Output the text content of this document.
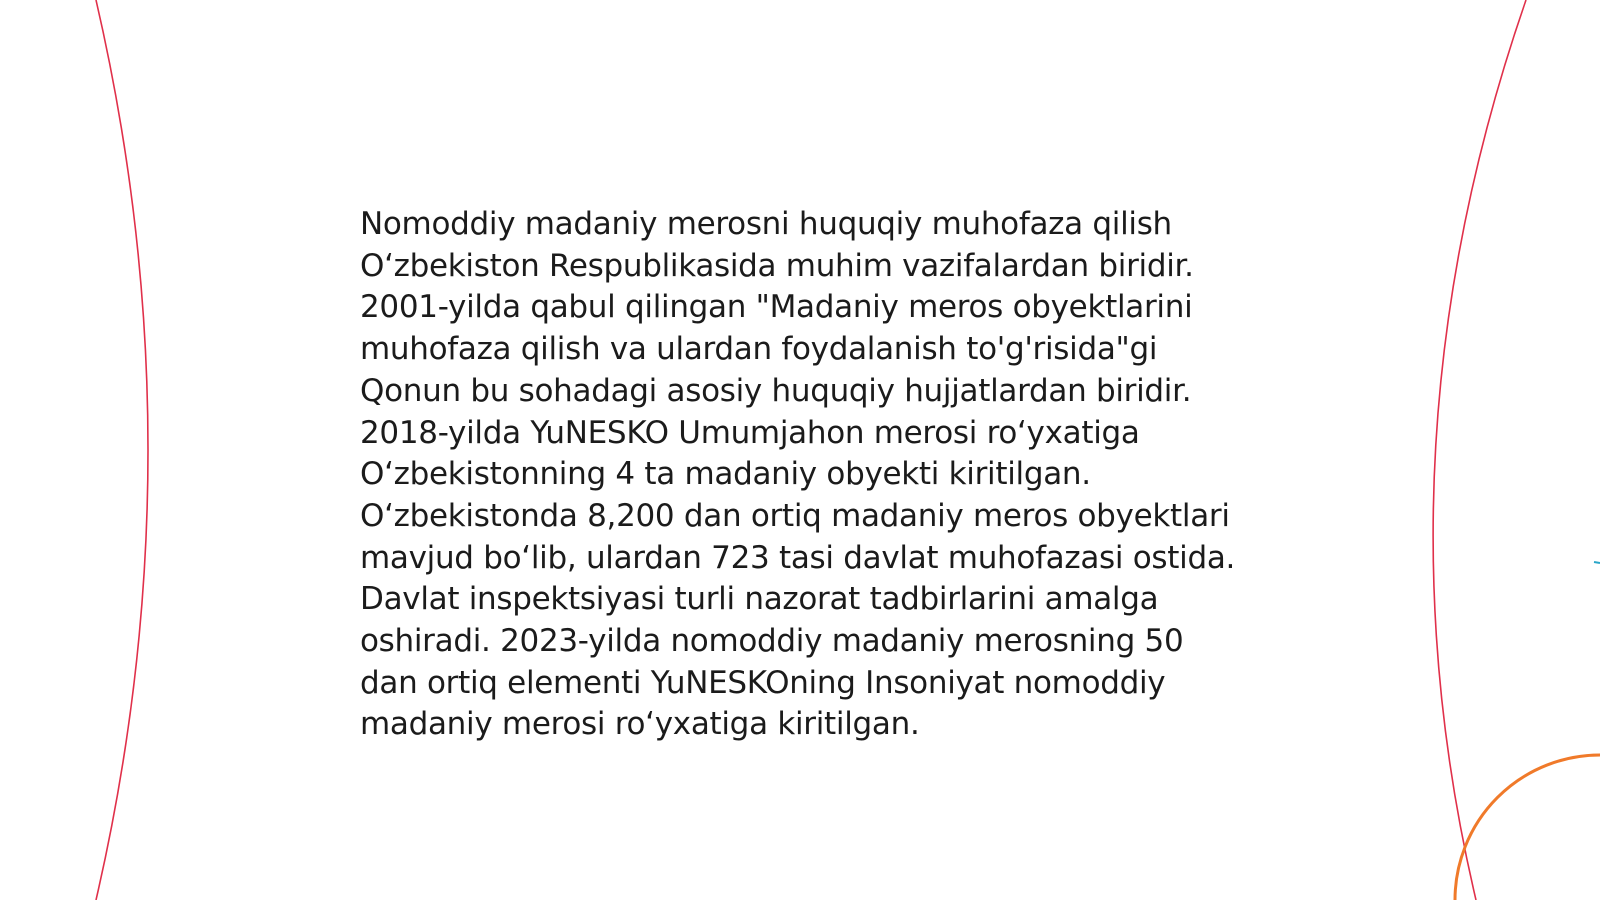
Nomoddiy madaniy merosni huquqiy muhofaza qilish Oʻzbekiston Respublikasida muhim vazifalardan biridir. 2001-yilda qabul qilingan "Madaniy meros obyektlarini muhofaza qilish va ulardan foydalanish to'g'risida"gi Qonun bu sohadagi asosiy huquqiy hujjatlardan biridir. 2018-yilda YuNESKO Umumjahon merosi roʻyxatiga Oʻzbekistonning 4 ta madaniy obyekti kiritilgan. Oʻzbekistonda 8,200 dan ortiq madaniy meros obyektlari mavjud boʻlib, ulardan 723 tasi davlat muhofazasi ostida. Davlat inspektsiyasi turli nazorat tadbirlarini amalga oshiradi. 2023-yilda nomoddiy madaniy merosning 50 dan ortiq elementi YuNESKOning Insoniyat nomoddiy madaniy merosi roʻyxatiga kiritilgan.
